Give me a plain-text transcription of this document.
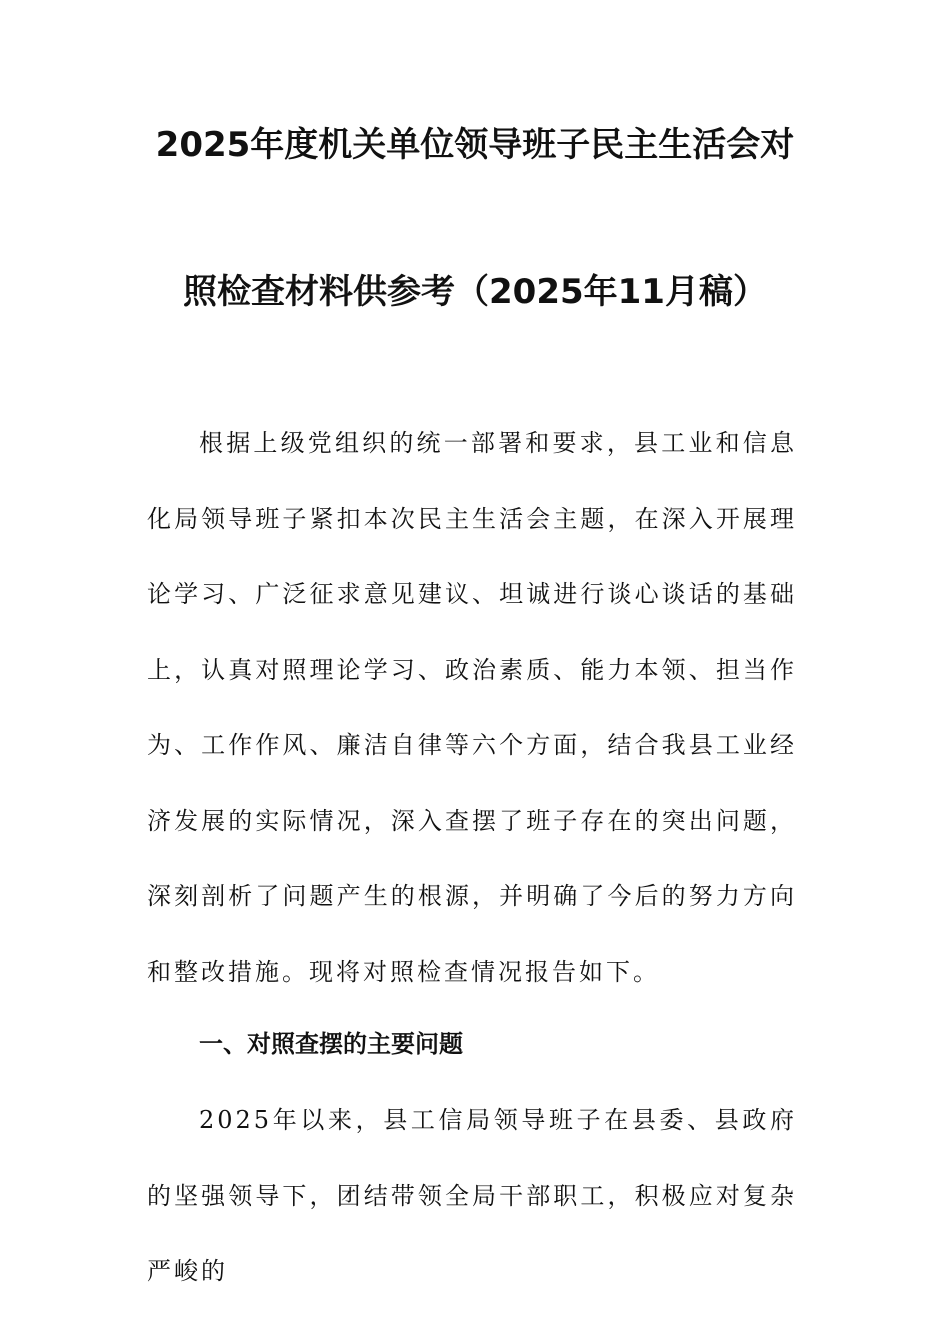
2025年度机关单位领导班子民主生活会对
照检查材料供参考（2025年11月稿）

根据上级党组织的统一部署和要求，县工业和信息化局领导班子紧扣本次民主生活会主题，在深入开展理论学习、广泛征求意见建议、坦诚进行谈心谈话的基础上，认真对照理论学习、政治素质、能力本领、担当作为、工作作风、廉洁自律等六个方面，结合我县工业经济发展的实际情况，深入查摆了班子存在的突出问题，深刻剖析了问题产生的根源，并明确了今后的努力方向和整改措施。现将对照检查情况报告如下。

一、对照查摆的主要问题

2025年以来，县工信局领导班子在县委、县政府的坚强领导下，团结带领全局干部职工，积极应对复杂严峻的
